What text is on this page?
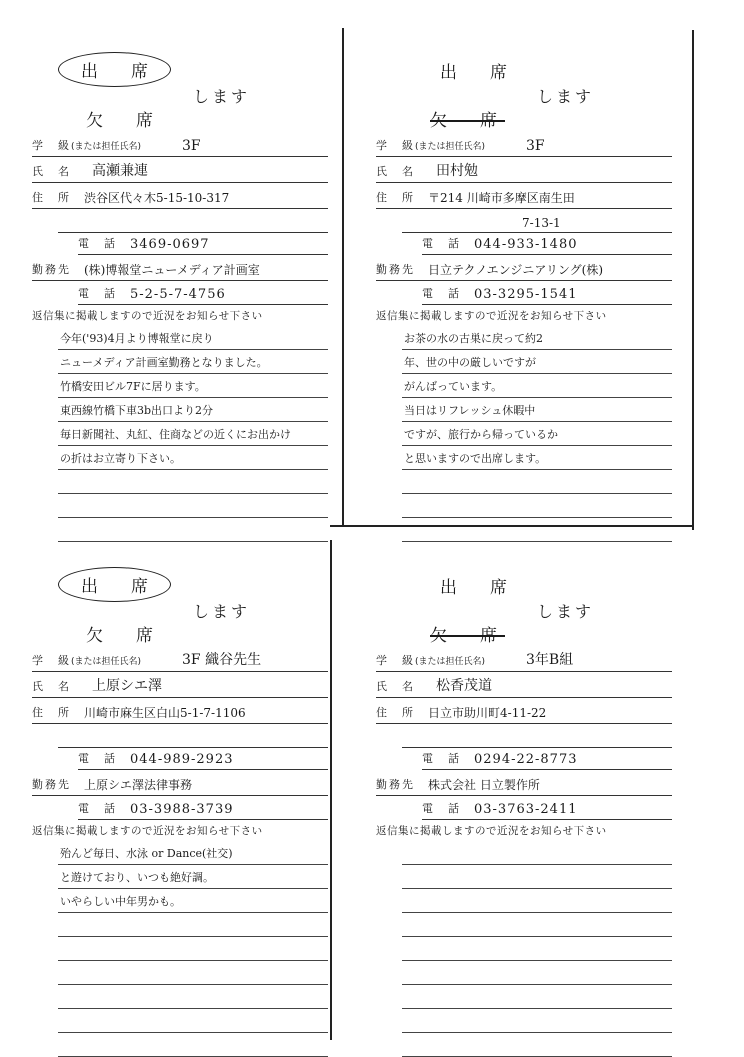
出　席
します
欠　席
学　級(または担任氏名)	3F
氏　名 高瀬兼連
住　所 渋谷区代々木5-15-10-317
電　話 3469-0697
勤務先 (株)博報堂ニューメディア計画室
電　話 5-2-5-7-4756
返信集に掲載しますので近況をお知らせ下さい
今年('93)4月より博報堂に戻り
ニューメディア計画室勤務となりました。
竹橋安田ビル7Fに居ります。
東西線竹橋下車3b出口より2分
毎日新聞社、丸紅、住商などの近くにお出かけ
の折はお立寄り下さい。
出　席
します
欠　席
学　級(または担任氏名)	3F
氏　名 田村勉
住　所 〒214 川崎市多摩区南生田
7-13-1
電　話 044-933-1480
勤務先 日立テクノエンジニアリング(株)
電　話 03-3295-1541
返信集に掲載しますので近況をお知らせ下さい
お茶の水の古巣に戻って約2
年、世の中の厳しいですが
がんばっています。
当日はリフレッシュ休暇中
ですが、旅行から帰っているか
と思いますので出席します。
出　席
します
欠　席
学　級(または担任氏名)	3F 織谷先生
氏　名 上原シエ澤
住　所 川崎市麻生区白山5-1-7-1106
電　話 044-989-2923
勤務先 上原シエ澤法律事務
電　話 03-3988-3739
返信集に掲載しますので近況をお知らせ下さい
殆んど毎日、水泳 or Dance(社交)
と遊けており、いつも絶好調。
いやらしい中年男かも。
出　席
します
欠　席
学　級(または担任氏名)	3年B組
氏　名 松香茂道
住　所 日立市助川町4-11-22
電　話 0294-22-8773
勤務先 株式会社 日立製作所
電　話 03-3763-2411
返信集に掲載しますので近況をお知らせ下さい
